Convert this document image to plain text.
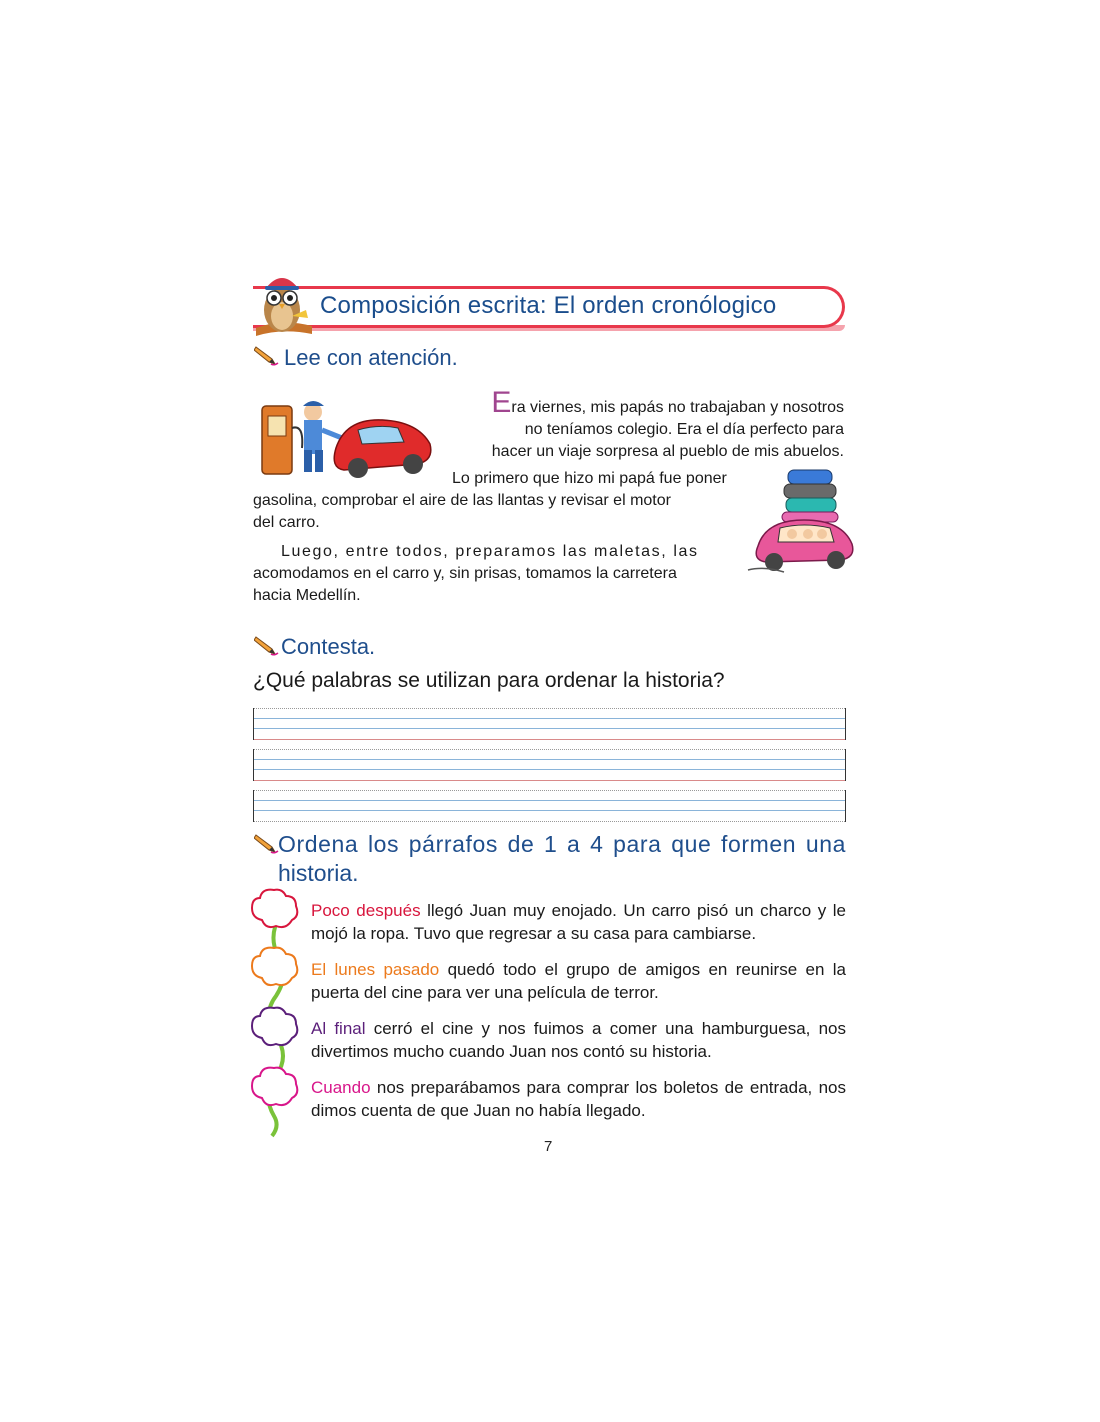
Composición escrita: El orden cronólogico
Lee con atención.
Era viernes, mis papás no trabajaban y nosotros
no teníamos colegio. Era el día perfecto para
hacer un viaje sorpresa al pueblo de mis abuelos.
Lo primero que hizo mi papá fue poner
gasolina, comprobar el aire de las llantas y revisar el motor
del carro.
Luego, entre todos, preparamos las maletas, las
acomodamos en el carro y, sin prisas, tomamos la carretera
hacia Medellín.
Contesta.
¿Qué palabras se utilizan para ordenar la historia?
Ordena los párrafos de 1 a 4 para que formen una
historia.
Poco después llegó Juan muy enojado. Un carro pisó un charco y le mojó la ropa. Tuvo que regresar a su casa para cambiarse.
El lunes pasado quedó todo el grupo de amigos en reunirse en la puerta del cine para ver una película de terror.
Al final cerró el cine y nos fuimos a comer una hamburguesa, nos divertimos mucho cuando Juan nos contó su historia.
Cuando nos preparábamos para comprar los boletos de entrada, nos dimos cuenta de que Juan no había llegado.
7
